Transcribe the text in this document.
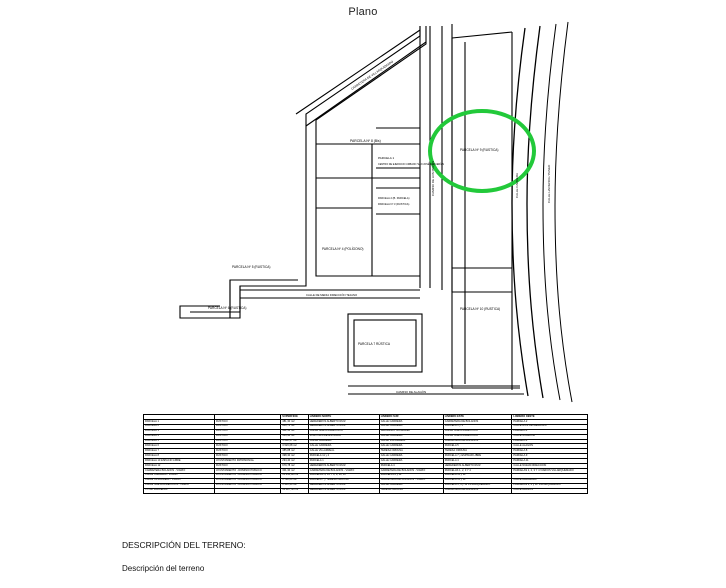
Plano
PARCELA Nº 8 (Bis)
PARCELA 1
CENTRO DE EJERCICIO URBANO 'SAN JOSÉ' ALQUERÍAS
PARCELA 2 (B. PARCELA)
PARCELA Nº 3 (RUSTICA)
PARCELA Nº 4 (POLÍGONO)
PARCELA Nº 5 (RUSTICA)
PARCELA Nº 6 (RUSTICA)
PARCELA 7 RÚSTICA
PARCELA Nº 9 (RUSTICA)
PARCELA Nº 10 (RUSTICA)
CARRETERA DE VILLARQUEMADO
CAMINO DE LOS POZOS
CALLE DE MEDIA DIRECCIÓN TEJANO
CAMINO DE ALAGÓN
CALLE CARRERA	CALLE HACIENDA / PASEO
		SUPERFICIE	LINDERO NORTE	LINDERO SUR	LINDERO ESTE	LINDERO OESTE
PARCELA 1	RÚSTICO	481,30 m2	HEREDEROS ALBERTO RUIZ	CALLE CARRERA	CARRETERA DE BOLAÑOS	PARCELA 2
PARCELA 2	RÚSTICO	680,73 m2	HEREDEROS ALBERTO RUIZ	CALLE CARRERA	PARCELA 1 y 3	CALLE RUIZ DE MENDOZA
PARCELA 3	RÚSTICO	402,31 m2	CALLE NUEVA DIRECCIÓN	FERNANDO GONZÁLEZ	CALLE NUEVA DIRECCIÓN	PARCELA 4
PARCELA 4	RÚSTICO	566,98 m2	PLANTILLA DE ENTRADA	CALLE CARRERA	CALLE NUEVA DIRECCIÓN	CALLE NORESTE
PARCELA 5	RÚSTICO	3.582,57 m2	CALLE CARRERA	CALLE VILLARREAL	CARRETERA DE BOLAÑOS	PARCELA 4
PARCELA 6	RÚSTICO	3.526,68 m2	CALLE CARRERA	CALLE CARRERA	PARCELA 5	CALLE ALAGÓN
PARCELA 7	RÚSTICO	385,88 m2	CALLE VILLARREAL	TERESA ORDUÑA	TERESA ORDUÑA	PARCELA 8
PARCELA 8	RÚSTICO	398,30 m2	PARCELA 11 y 2	CALLE CARRERA	PARCELA 7 y ESPINAR LIBRE	PARCELA 9
PARCELA 10 ESPACIO LIBRE	AYUNTAMIENTO PATRIMONIAL	294,40 m2	PARCELA 1	CALLE CARRERA	PARCELA 4	PARCELA 11
PARCELA 12	RÚSTICO	679,78 m2	HEREDEROS ALBERTO RUIZ	PARCELA 4	HEREDEROS ALBERTO RUIZ	CALLE NUEVA DIRECCIÓN
CARRETERA BOLAÑOS - VIARIO	AYUNTAMIENTO - DOMINIO PÚBLICO	301,30 m2	CARRETERA DE BOLAÑOS - VIARIO	CARRETERA DE BOLAÑOS - VIARIO	PARCELAS 1, 2, 3 Y 4	PARCELAS 1, 2, 3 Y 4 VIARIOS VILLARQUEMADO
CALLE CARRERA - VIARIO	AYUNTAMIENTO - DOMINIO PÚBLICO	15.445,40 m2	PARCELAS 4, 12 Y 6, 8, 10, 11	PARCELA 11 y 12	PARCELA 11 y 12	
CALLE VILLARREAL - VIARIO	AYUNTAMIENTO - DOMINIO PÚBLICO	1.748,20 m2	PARCELA 7 y TERESA ORDUÑA	CARRETERA DE BOLAÑOS - VIARIO	PARCELA 11 y 12	CALLE ALHAMBRA
CALLE NUEVA DIRECCIÓN - VIARIO	AYUNTAMIENTO - DOMINIO PÚBLICO	1.312,40 m2	HEREDEROS ALBERTO RUIZ	CALLE CARRERA	PARCELA 3, 4 y 12 VILLARQUEMADO	PARCELAS 3, 4 y 12 VILLARQUEMADO
TOTAL PARCELAS		14.987,52 m2	HEREDEROS ALBERTO RUIZ	TERESA ORDUÑA	CARRETERA DE BOLAÑOS	CALLE ALAGÓN
DESCRIPCIÓN DEL TERRENO:
Descripción del terreno
